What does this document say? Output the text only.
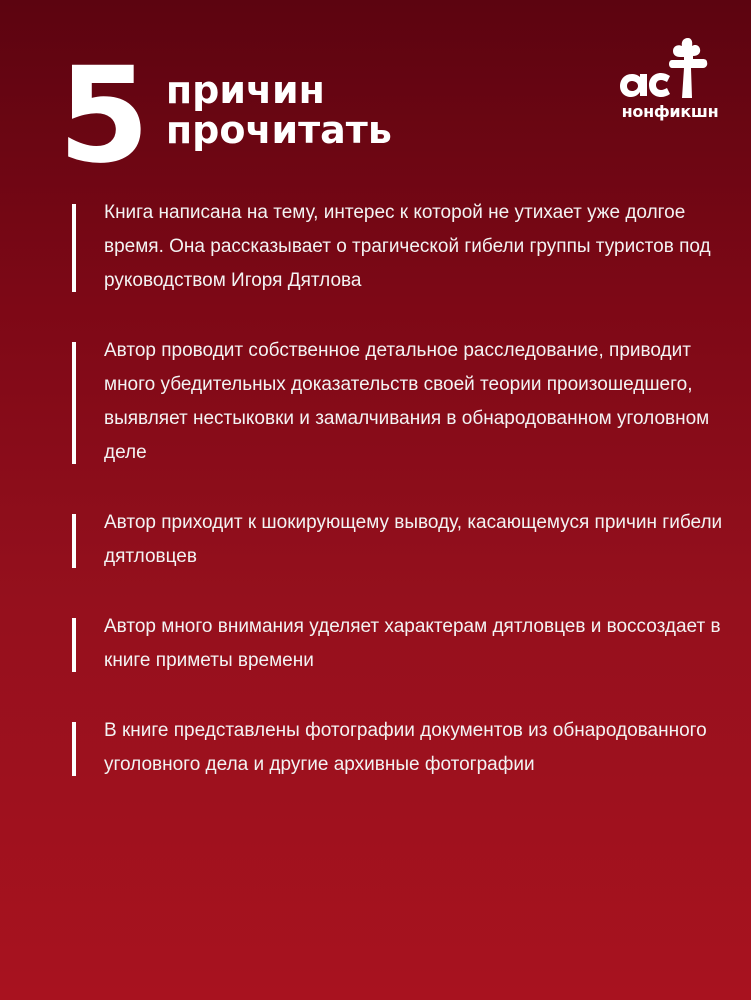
5 причин
прочитать	нонфикшн
Книга написана на тему, интерес к которой не утихает уже долгое время. Она рассказывает о трагической гибели группы туристов под руководством Игоря Дятлова
Автор проводит собственное детальное расследование, приводит много убедительных доказательств своей теории произошедшего, выявляет нестыковки и замалчивания в обнародованном уголовном деле
Автор приходит к шокирующему выводу, касающемуся причин гибели дятловцев
Автор много внимания уделяет характерам дятловцев и воссоздает в книге приметы времени
В книге представлены фотографии документов из обнародованного уголовного дела и другие архивные фотографии
